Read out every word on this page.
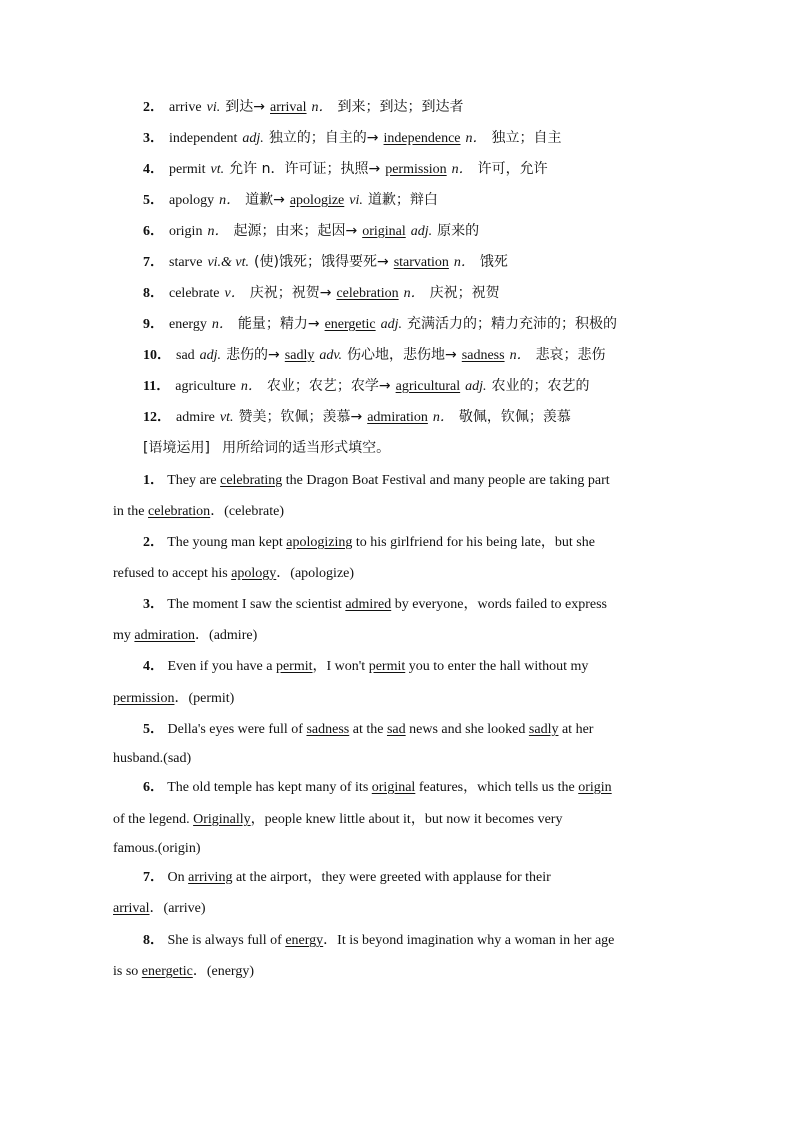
2． arrive vi. 到达→ arrival n． 到来；到达；到达者
3． independent adj. 独立的；自主的→ independence n． 独立；自主
4． permit vt. 允许 n．许可证；执照→ permission n． 许可，允许
5． apology n． 道歉→ apologize vi. 道歉；辩白
6． origin n． 起源；由来；起因→ original adj. 原来的
7． starve vi.& vt. (使)饿死；饿得要死→ starvation n． 饿死
8． celebrate v． 庆祝；祝贺→ celebration n． 庆祝；祝贺
9． energy n． 能量；精力→ energetic adj. 充满活力的；精力充沛的；积极的
10． sad adj. 悲伤的→ sadly adv. 伤心地，悲伤地→ sadness n． 悲哀；悲伤
11． agriculture n． 农业；农艺；农学→ agricultural adj. 农业的；农艺的
12． admire vt. 赞美；钦佩；羡慕→ admiration n． 敬佩，钦佩；羡慕
[语境运用] 用所给词的适当形式填空。
1． They are celebrating the Dragon Boat Festival and many people are taking part
in the celebration．(celebrate)
2． The young man kept apologizing to his girlfriend for his being late，but she
refused to accept his apology．(apologize)
3． The moment I saw the scientist admired by everyone，words failed to express
my admiration．(admire)
4． Even if you have a permit，I won't permit you to enter the hall without my
permission．(permit)
5． Della's eyes were full of sadness at the sad news and she looked sadly at her
husband.(sad)
6． The old temple has kept many of its original features，which tells us the origin
of the legend. Originally，people knew little about it，but now it becomes very
famous.(origin)
7． On arriving at the airport，they were greeted with applause for their
arrival．(arrive)
8． She is always full of energy．It is beyond imagination why a woman in her age
is so energetic．(energy)
